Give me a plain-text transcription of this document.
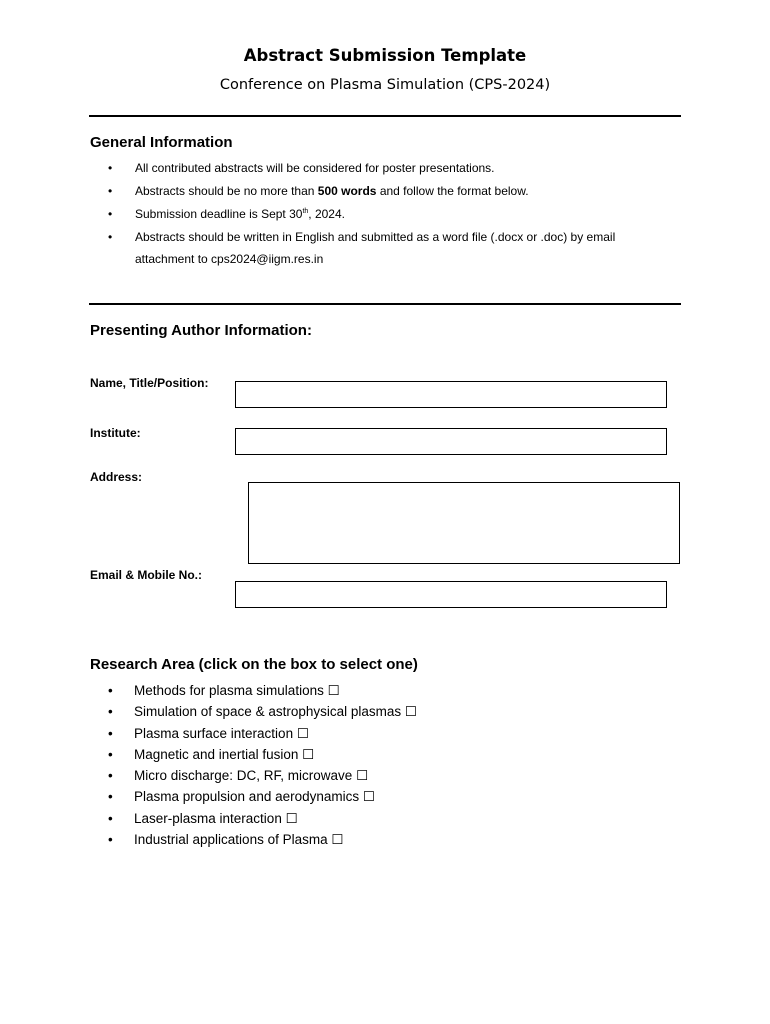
Abstract Submission Template
Conference on Plasma Simulation (CPS-2024)
General Information
• All contributed abstracts will be considered for poster presentations.
• Abstracts should be no more than 500 words and follow the format below.
• Submission deadline is Sept 30th, 2024.
• Abstracts should be written in English and submitted as a word file (.docx or .doc) by email
attachment to cps2024@iigm.res.in
Presenting Author Information:
Name, Title/Position:
Institute:
Address:
Email & Mobile No.:
Research Area (click on the box to select one)
• Methods for plasma simulations ☐
• Simulation of space & astrophysical plasmas ☐
• Plasma surface interaction ☐
• Magnetic and inertial fusion ☐
• Micro discharge: DC, RF, microwave ☐
• Plasma propulsion and aerodynamics ☐
• Laser-plasma interaction ☐
• Industrial applications of Plasma ☐
